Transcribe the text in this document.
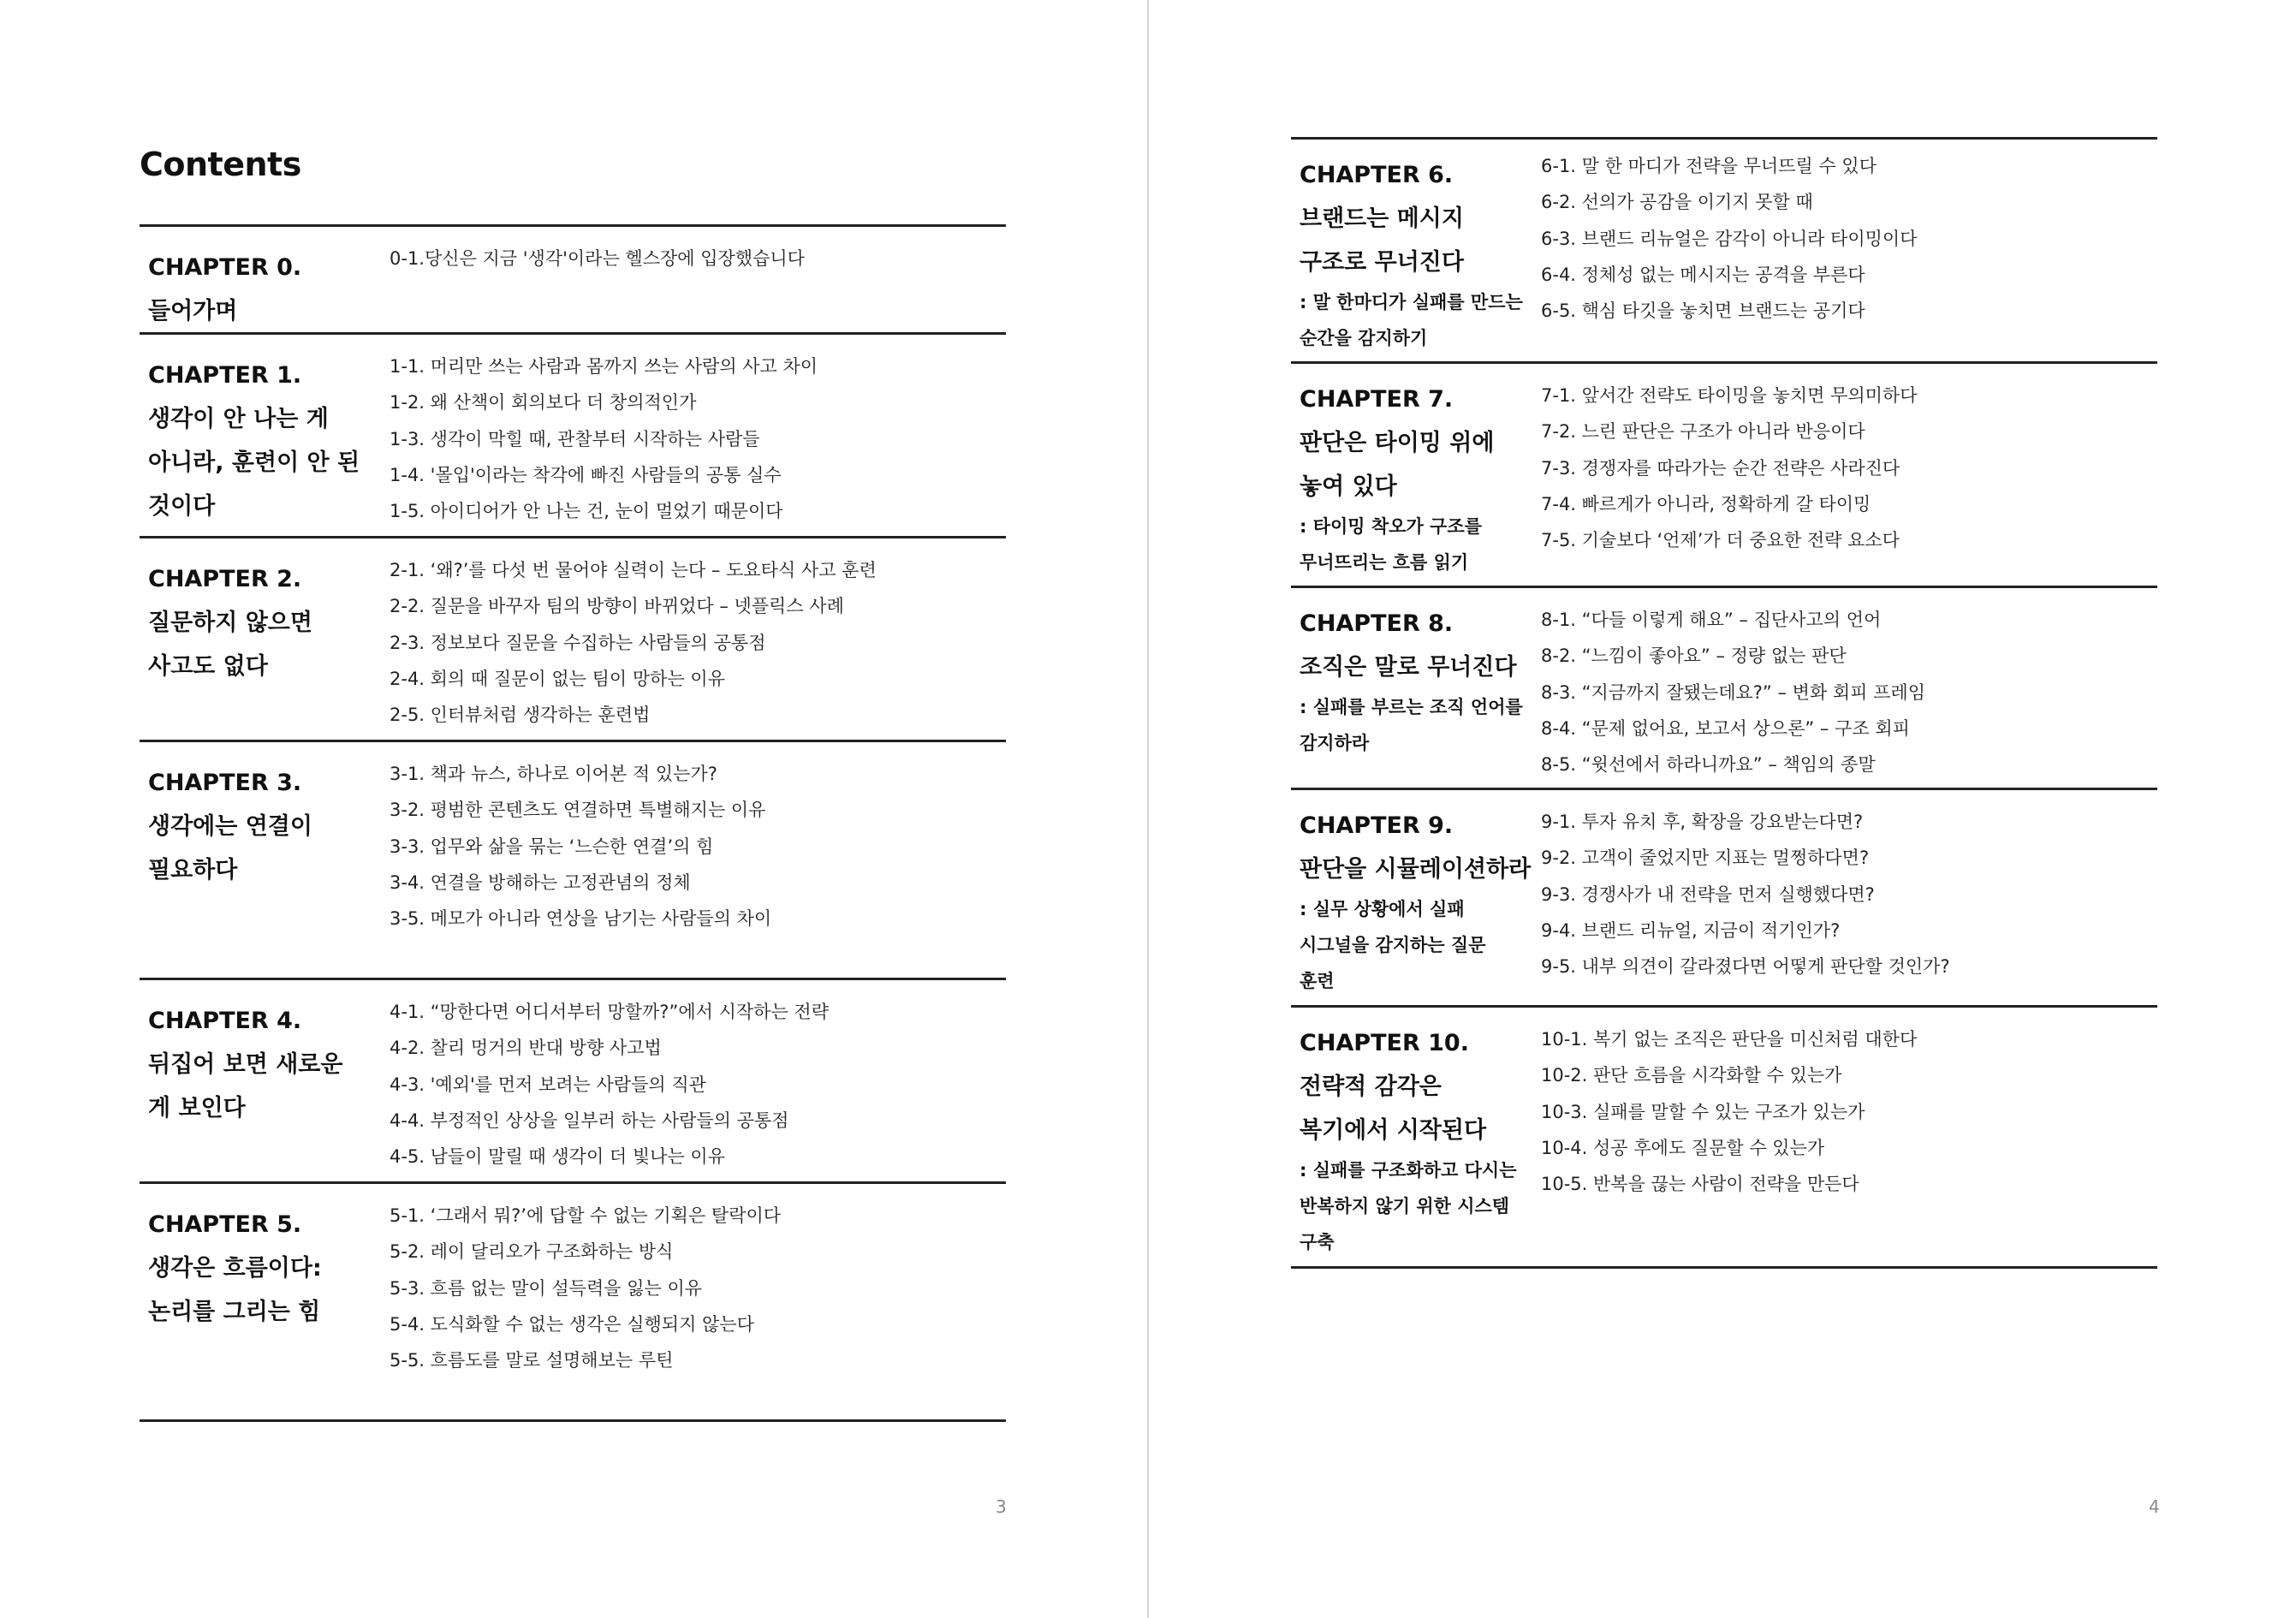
Contents
CHAPTER 0.
들어가며
0-1.당신은 지금 '생각'이라는 헬스장에 입장했습니다
CHAPTER 1.
생각이 안 나는 게
아니라, 훈련이 안 된
것이다
1-1. 머리만 쓰는 사람과 몸까지 쓰는 사람의 사고 차이
1-2. 왜 산책이 회의보다 더 창의적인가
1-3. 생각이 막힐 때, 관찰부터 시작하는 사람들
1-4. '몰입'이라는 착각에 빠진 사람들의 공통 실수
1-5. 아이디어가 안 나는 건, 눈이 멀었기 때문이다
CHAPTER 2.
질문하지 않으면
사고도 없다
2-1. ‘왜?’를 다섯 번 물어야 실력이 는다 – 도요타식 사고 훈련
2-2. 질문을 바꾸자 팀의 방향이 바뀌었다 – 넷플릭스 사례
2-3. 정보보다 질문을 수집하는 사람들의 공통점
2-4. 회의 때 질문이 없는 팀이 망하는 이유
2-5. 인터뷰처럼 생각하는 훈련법
CHAPTER 3.
생각에는 연결이
필요하다
3-1. 책과 뉴스, 하나로 이어본 적 있는가?
3-2. 평범한 콘텐츠도 연결하면 특별해지는 이유
3-3. 업무와 삶을 묶는 ‘느슨한 연결’의 힘
3-4. 연결을 방해하는 고정관념의 정체
3-5. 메모가 아니라 연상을 남기는 사람들의 차이
CHAPTER 4.
뒤집어 보면 새로운
게 보인다
4-1. “망한다면 어디서부터 망할까?”에서 시작하는 전략
4-2. 찰리 멍거의 반대 방향 사고법
4-3. '예외'를 먼저 보려는 사람들의 직관
4-4. 부정적인 상상을 일부러 하는 사람들의 공통점
4-5. 남들이 말릴 때 생각이 더 빛나는 이유
CHAPTER 5.
생각은 흐름이다:
논리를 그리는 힘
5-1. ‘그래서 뭐?’에 답할 수 없는 기획은 탈락이다
5-2. 레이 달리오가 구조화하는 방식
5-3. 흐름 없는 말이 설득력을 잃는 이유
5-4. 도식화할 수 없는 생각은 실행되지 않는다
5-5. 흐름도를 말로 설명해보는 루틴
3
CHAPTER 6.
브랜드는 메시지
구조로 무너진다
: 말 한마디가 실패를 만드는
순간을 감지하기
6-1. 말 한 마디가 전략을 무너뜨릴 수 있다
6-2. 선의가 공감을 이기지 못할 때
6-3. 브랜드 리뉴얼은 감각이 아니라 타이밍이다
6-4. 정체성 없는 메시지는 공격을 부른다
6-5. 핵심 타깃을 놓치면 브랜드는 공기다
CHAPTER 7.
판단은 타이밍 위에
놓여 있다
: 타이밍 착오가 구조를
무너뜨리는 흐름 읽기
7-1. 앞서간 전략도 타이밍을 놓치면 무의미하다
7-2. 느린 판단은 구조가 아니라 반응이다
7-3. 경쟁자를 따라가는 순간 전략은 사라진다
7-4. 빠르게가 아니라, 정확하게 갈 타이밍
7-5. 기술보다 ‘언제’가 더 중요한 전략 요소다
CHAPTER 8.
조직은 말로 무너진다
: 실패를 부르는 조직 언어를
감지하라
8-1. “다들 이렇게 해요” – 집단사고의 언어
8-2. “느낌이 좋아요” – 정량 없는 판단
8-3. “지금까지 잘됐는데요?” – 변화 회피 프레임
8-4. “문제 없어요, 보고서 상으론” – 구조 회피
8-5. “윗선에서 하라니까요” – 책임의 종말
CHAPTER 9.
판단을 시뮬레이션하라
: 실무 상황에서 실패
시그널을 감지하는 질문
훈련
9-1. 투자 유치 후, 확장을 강요받는다면?
9-2. 고객이 줄었지만 지표는 멀쩡하다면?
9-3. 경쟁사가 내 전략을 먼저 실행했다면?
9-4. 브랜드 리뉴얼, 지금이 적기인가?
9-5. 내부 의견이 갈라졌다면 어떻게 판단할 것인가?
CHAPTER 10.
전략적 감각은
복기에서 시작된다
: 실패를 구조화하고 다시는
반복하지 않기 위한 시스템
구축
10-1. 복기 없는 조직은 판단을 미신처럼 대한다
10-2. 판단 흐름을 시각화할 수 있는가
10-3. 실패를 말할 수 있는 구조가 있는가
10-4. 성공 후에도 질문할 수 있는가
10-5. 반복을 끊는 사람이 전략을 만든다
4
